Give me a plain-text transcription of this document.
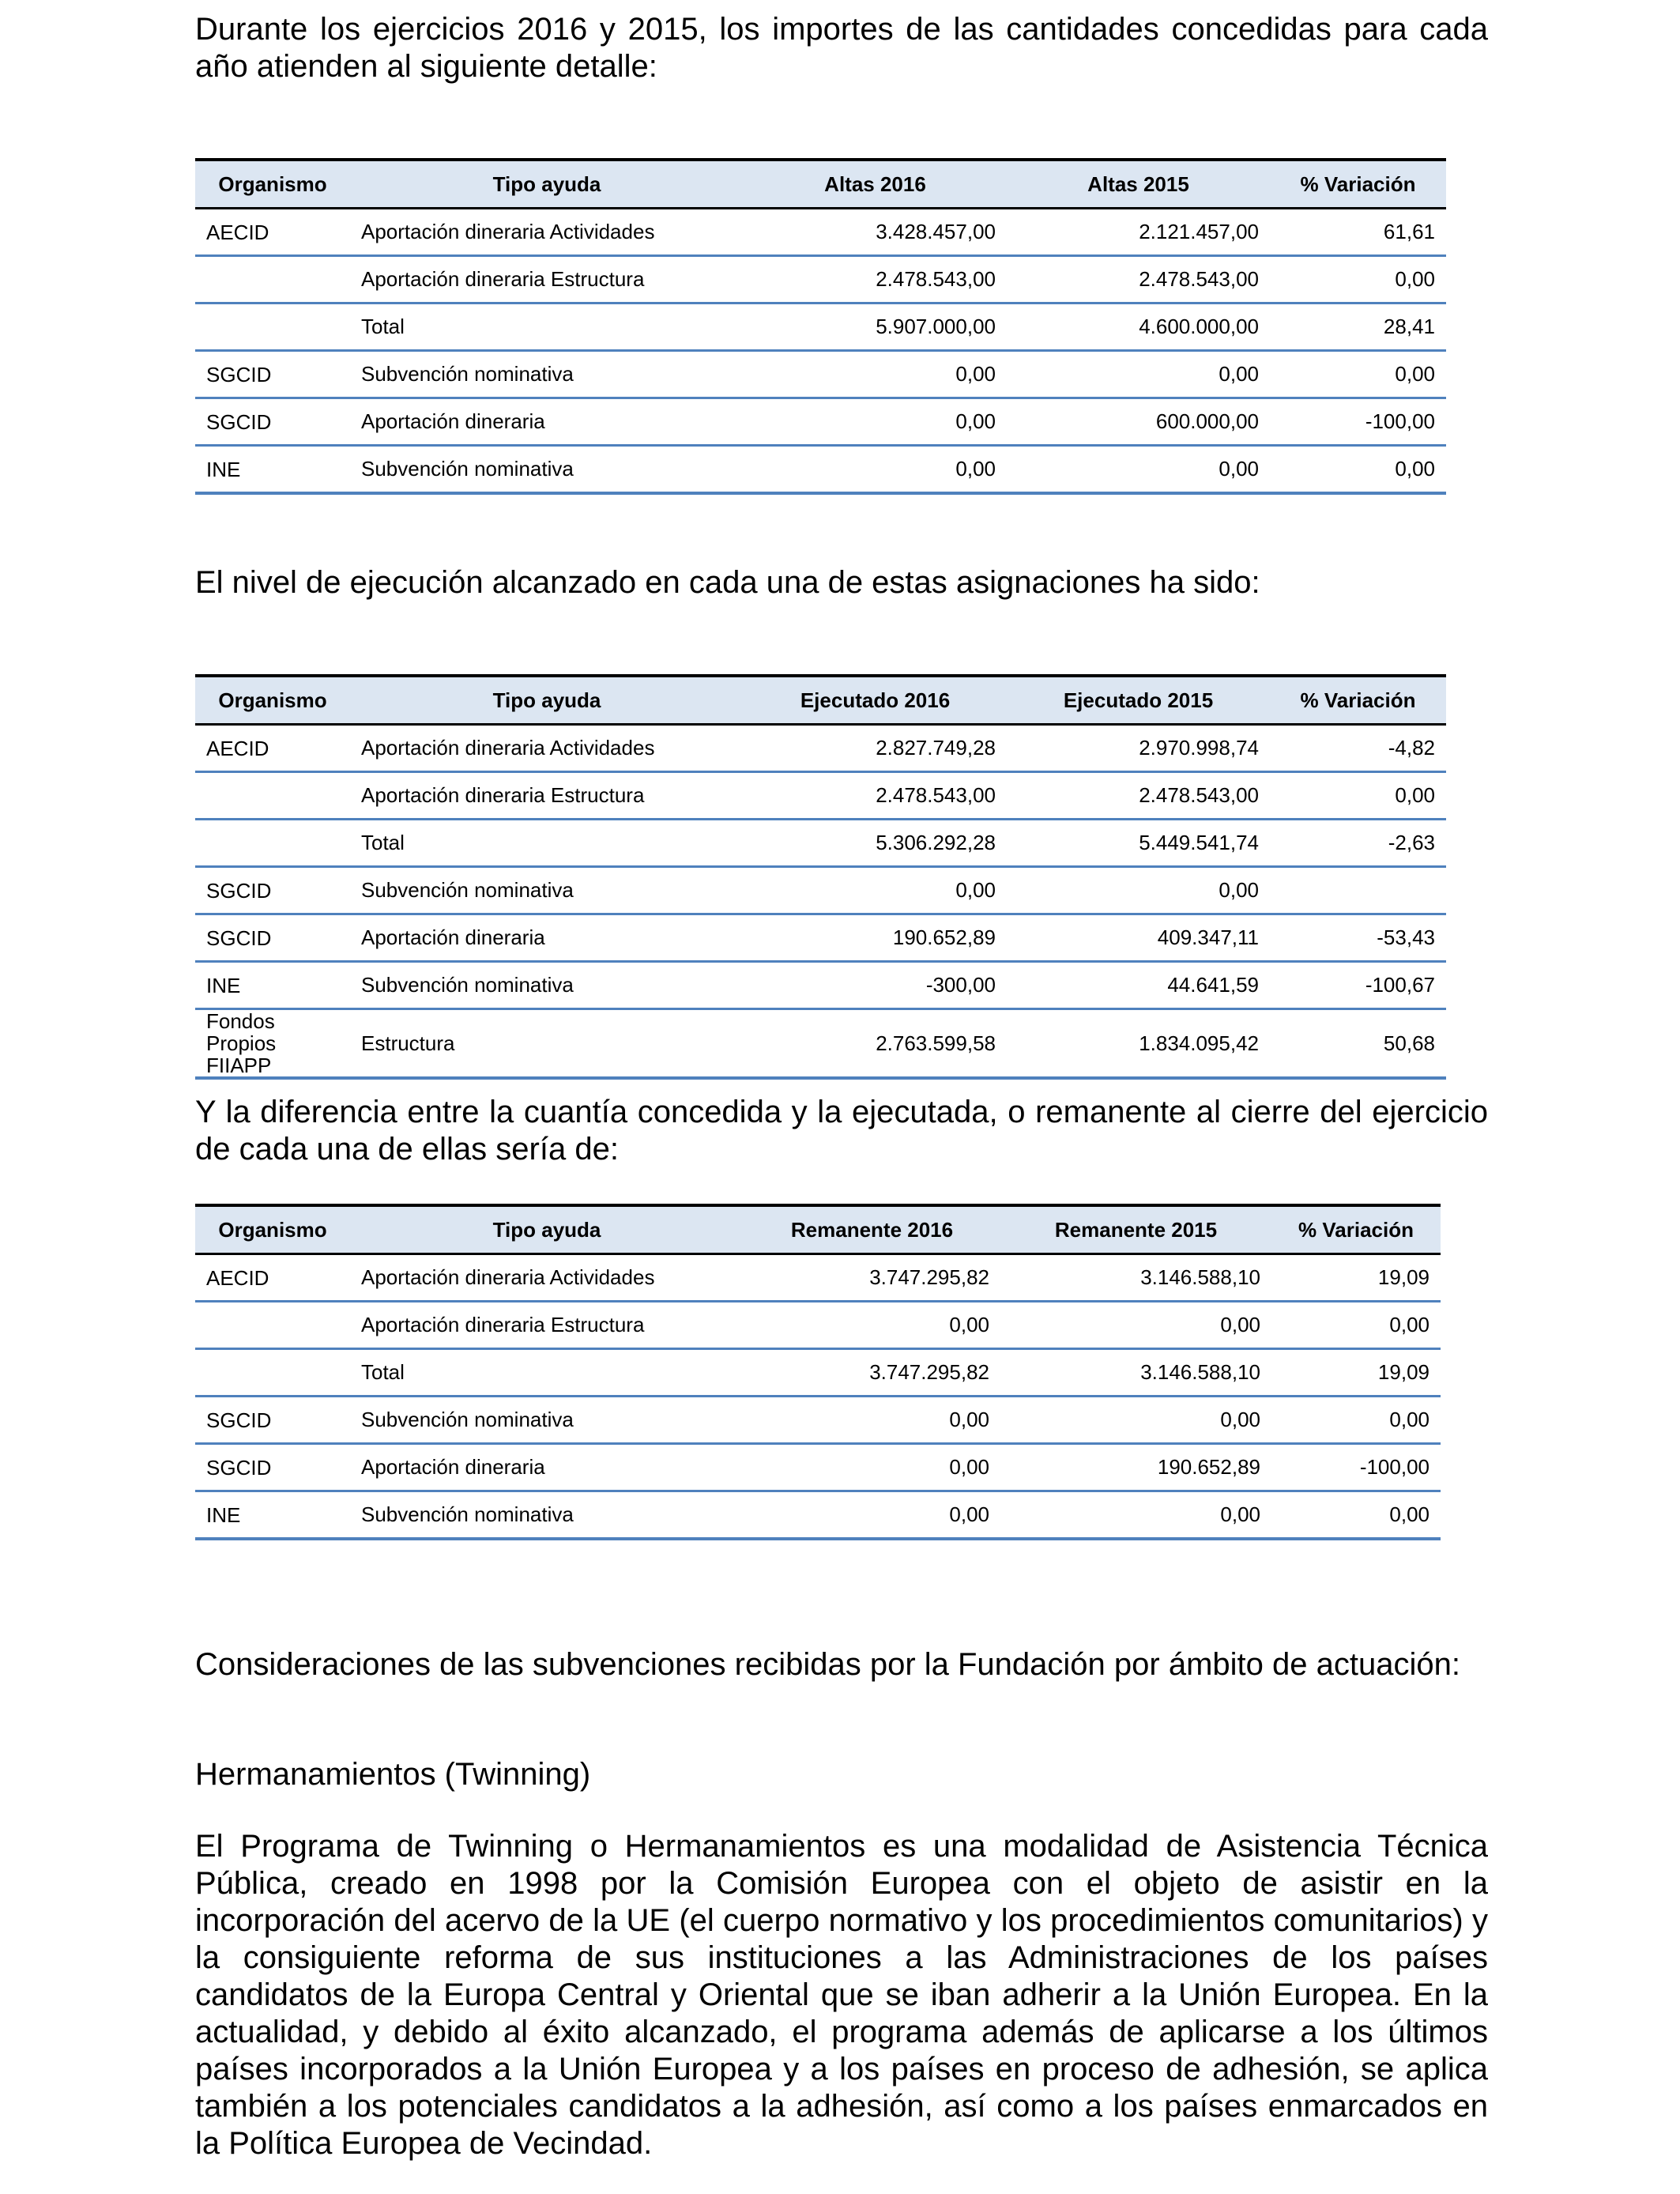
Durante los ejercicios 2016 y 2015, los importes de las cantidades concedidas para cada año atienden al siguiente detalle:

Organismo	Tipo ayuda	Altas 2016	Altas 2015	% Variación
AECID	Aportación dineraria Actividades	3.428.457,00	2.121.457,00	61,61
	Aportación dineraria Estructura	2.478.543,00	2.478.543,00	0,00
	Total	5.907.000,00	4.600.000,00	28,41
SGCID	Subvención nominativa	0,00	0,00	0,00
SGCID	Aportación dineraria	0,00	600.000,00	-100,00
INE	Subvención nominativa	0,00	0,00	0,00

El nivel de ejecución alcanzado en cada una de estas asignaciones ha sido:

Organismo	Tipo ayuda	Ejecutado 2016	Ejecutado 2015	% Variación
AECID	Aportación dineraria Actividades	2.827.749,28	2.970.998,74	-4,82
	Aportación dineraria Estructura	2.478.543,00	2.478.543,00	0,00
	Total	5.306.292,28	5.449.541,74	-2,63
SGCID	Subvención nominativa	0,00	0,00	
SGCID	Aportación dineraria	190.652,89	409.347,11	-53,43
INE	Subvención nominativa	-300,00	44.641,59	-100,67
Fondos Propios FIIAPP	Estructura	2.763.599,58	1.834.095,42	50,68

Y la diferencia entre la cuantía concedida y la ejecutada, o remanente al cierre del ejercicio de cada una de ellas sería de:

Organismo	Tipo ayuda	Remanente 2016	Remanente 2015	% Variación
AECID	Aportación dineraria Actividades	3.747.295,82	3.146.588,10	19,09
	Aportación dineraria Estructura	0,00	0,00	0,00
	Total	3.747.295,82	3.146.588,10	19,09
SGCID	Subvención nominativa	0,00	0,00	0,00
SGCID	Aportación dineraria	0,00	190.652,89	-100,00
INE	Subvención nominativa	0,00	0,00	0,00

Consideraciones de las subvenciones recibidas por la Fundación por ámbito de actuación:

Hermanamientos (Twinning)

El Programa de Twinning o Hermanamientos es una modalidad de Asistencia Técnica Pública, creado en 1998 por la Comisión Europea con el objeto de asistir en la incorporación del acervo de la UE (el cuerpo normativo y los procedimientos comunitarios) y la consiguiente reforma de sus instituciones a las Administraciones de los países candidatos de la Europa Central y Oriental que se iban adherir a la Unión Europea. En la actualidad, y debido al éxito alcanzado, el programa además de aplicarse a los últimos países incorporados a la Unión Europea y a los países en proceso de adhesión, se aplica también a los potenciales candidatos a la adhesión, así como a los países enmarcados en la Política Europea de Vecindad.
